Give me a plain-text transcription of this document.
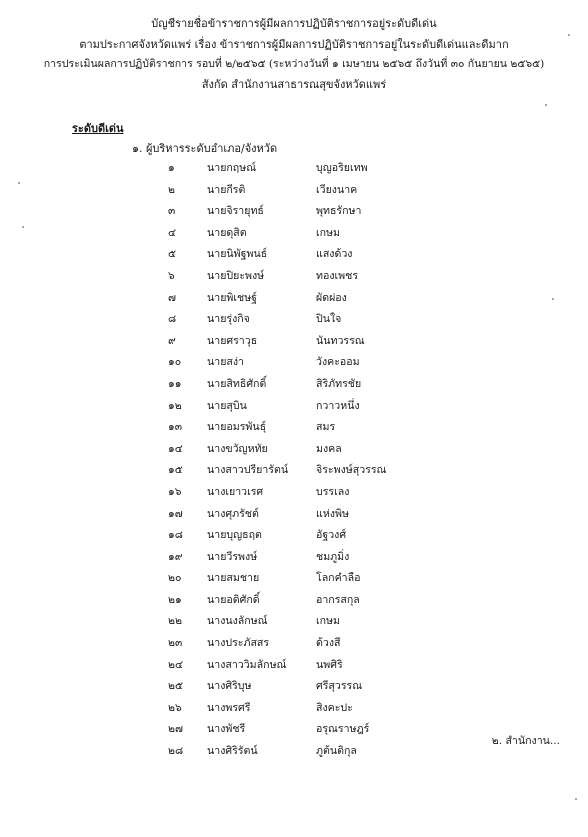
บัญชีรายชื่อข้าราชการผู้มีผลการปฏิบัติราชการอยู่ระดับดีเด่น
ตามประกาศจังหวัดแพร่ เรื่อง ข้าราชการผู้มีผลการปฏิบัติราชการอยู่ในระดับดีเด่นและดีมาก
การประเมินผลการปฏิบัติราชการ รอบที่ ๒/๒๕๖๕ (ระหว่างวันที่ ๑ เมษายน ๒๕๖๕ ถึงวันที่ ๓๐ กันยายน ๒๕๖๕)
สังกัด สำนักงานสาธารณสุขจังหวัดแพร่
ระดับดีเด่น
๑. ผู้บริหารระดับอำเภอ/จังหวัด
๑	นายกฤษณ์	บุญอริยเทพ
๒	นายกีรติ	เวียงนาค
๓	นายจิรายุทธ์	พุทธรักษา
๔	นายดุสิต	เกษม
๕	นายนิพัฐพนธ์	แสงด้วง
๖	นายปิยะพงษ์	ทองเพชร
๗	นายพิเชษฐ์	ผัดผ่อง
๘	นายรุ่งกิจ	ปินใจ
๙	นายศราวุธ	นันทวรรณ
๑๐	นายสง่า	วังคะออม
๑๑	นายสิทธิศักดิ์	สิริภัทรชัย
๑๒	นายสุบิน	กวาวหนึ่ง
๑๓	นายอมรพันธุ์	สมร
๑๔	นางขวัญหทัย	มงคล
๑๕	นางสาวปรียารัตน์	จิระพงษ์สุวรรณ
๑๖	นางเยาวเรศ	บรรเลง
๑๗	นางศุภรัชต์	แห่งพิษ
๑๘	นายบุญธฤต	อัฐวงศ์
๑๙	นายวีรพงษ์	ชมภูมิ่ง
๒๐	นายสมชาย	โลกคำลือ
๒๑	นายอดิศักดิ์	อากรสกุล
๒๒	นางนงลักษณ์	เกษม
๒๓	นางประภัสสร	ด้วงสี
๒๔	นางสาววิมลักษณ์	นพศิริ
๒๕	นางศิริบุษ	ศรีสุวรรณ
๒๖	นางพรศรี	สิงคะปะ
๒๗	นางพัชรี	อรุณราษฎร์
๒๘	นางศิริรัตน์	ภูต้นติกุล
๒. สำนักงาน...
